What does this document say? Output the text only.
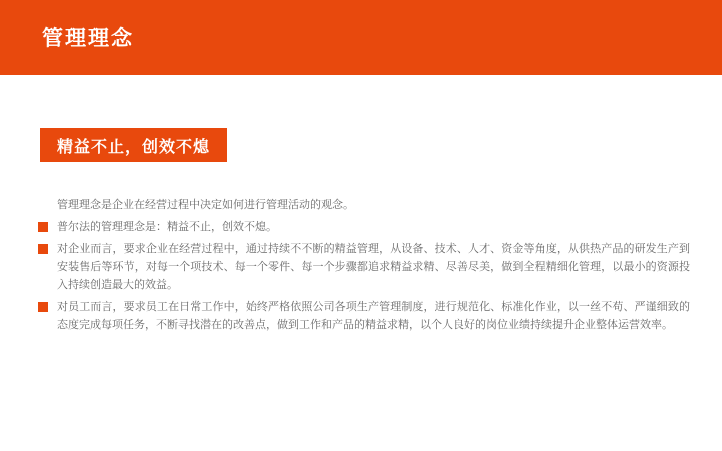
管理理念
精益不止，创效不熄

管理理念是企业在经营过程中决定如何进行管理活动的观念。

普尔法的管理理念是：精益不止，创效不熄。
对企业而言，要求企业在经营过程中，通过持续不不断的精益管理，从设备、技术、人才、资金等角度，从供热产品的研发生产到安装售后等环节，对每一个项技术、每一个零件、每一个步骤都追求精益求精、尽善尽美，做到全程精细化管理，以最小的资源投入持续创造最大的效益。
对员工而言，要求员工在日常工作中，始终严格依照公司各项生产管理制度，进行规范化、标准化作业，以一丝不苟、严谨细致的态度完成每项任务，不断寻找潜在的改善点，做到工作和产品的精益求精，以个人良好的岗位业绩持续提升企业整体运营效率。
